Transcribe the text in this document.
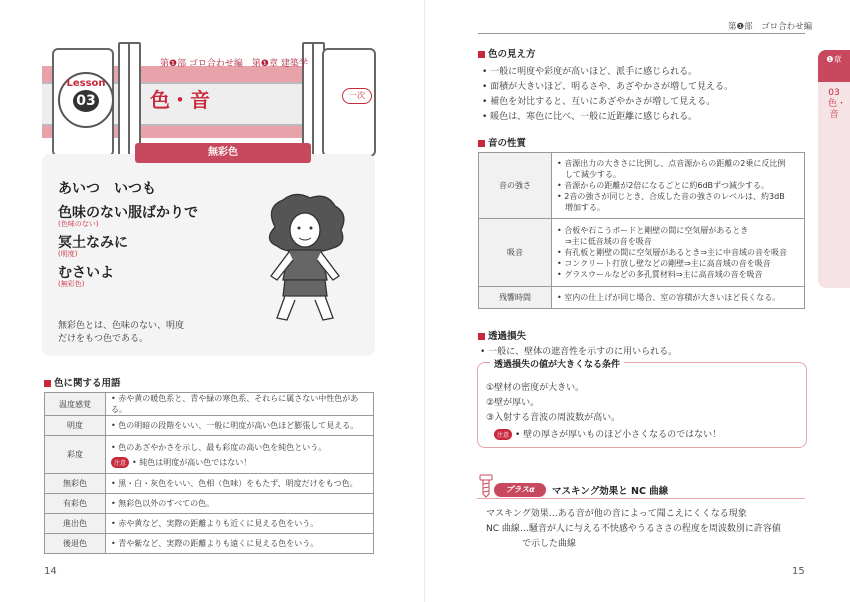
第❶部 ゴロ合わせ編　第❶章 建築学
Lesson
03	色・音	一次
無彩色
あいつ　いつも
色味のない服ばかりで
(色味のない)
冥土なみに
(明度)
むさいよ
(無彩色)
無彩色とは、色味のない、明度
だけをもつ色である。
色に関する用語
温度感覚	• 赤や黄の暖色系と、青や緑の寒色系、それらに属さない中性色がある。
明度	• 色の明暗の段階をいい、一般に明度が高い色ほど膨張して見える。
彩度	• 色のあざやかさを示し、最も彩度の高い色を純色という。
注意 • 純色は明度が高い色ではない！

無彩色	• 黒・白・灰色をいい、色相（色味）をもたず、明度だけをもつ色。
有彩色	• 無彩色以外のすべての色。
進出色	• 赤や黄など、実際の距離よりも近くに見える色をいう。
後退色	• 青や紫など、実際の距離よりも遠くに見える色をいう。
14
第❶部　ゴロ合わせ編
❶章
03 色・音
色の見え方
• 一般に明度や彩度が高いほど、派手に感じられる。
• 面積が大きいほど、明るさや、あざやかさが増して見える。
• 補色を対比すると、互いにあざやかさが増して見える。
• 暖色は、寒色に比べ、一般に近距離に感じられる。
音の性質
音の強さ	• 音源出力の大きさに比例し、点音源からの距離の2乗に反比例
　して減少する。
• 音源からの距離が2倍になるごとに約6dBずつ減少する。
• 2音の強さが同じとき、合成した音の強さのレベルは、約3dB
　増加する。

吸音	• 合板や石こうボードと剛壁の間に空気層があるとき
　⇒主に低音域の音を吸音
• 有孔板と剛壁の間に空気層があるとき⇒主に中音域の音を吸音
• コンクリート打放し壁などの剛壁⇒主に高音域の音を吸音
• グラスウールなどの多孔質材料⇒主に高音域の音を吸音

残響時間	• 室内の仕上げが同じ場合、室の容積が大きいほど長くなる。
透過損失
• 一般に、壁体の遮音性を示すのに用いられる。
透過損失の値が大きくなる条件
①壁材の密度が大きい。
②壁が厚い。
③入射する音波の周波数が高い。
注意 • 壁の厚さが厚いものほど小さくなるのではない！
プラスα	マスキング効果と NC 曲線
マスキング効果…ある音が他の音によって聞こえにくくなる現象
NC 曲線…騒音が人に与える不快感やうるささの程度を周波数別に許容値
　　　　で示した曲線
15
